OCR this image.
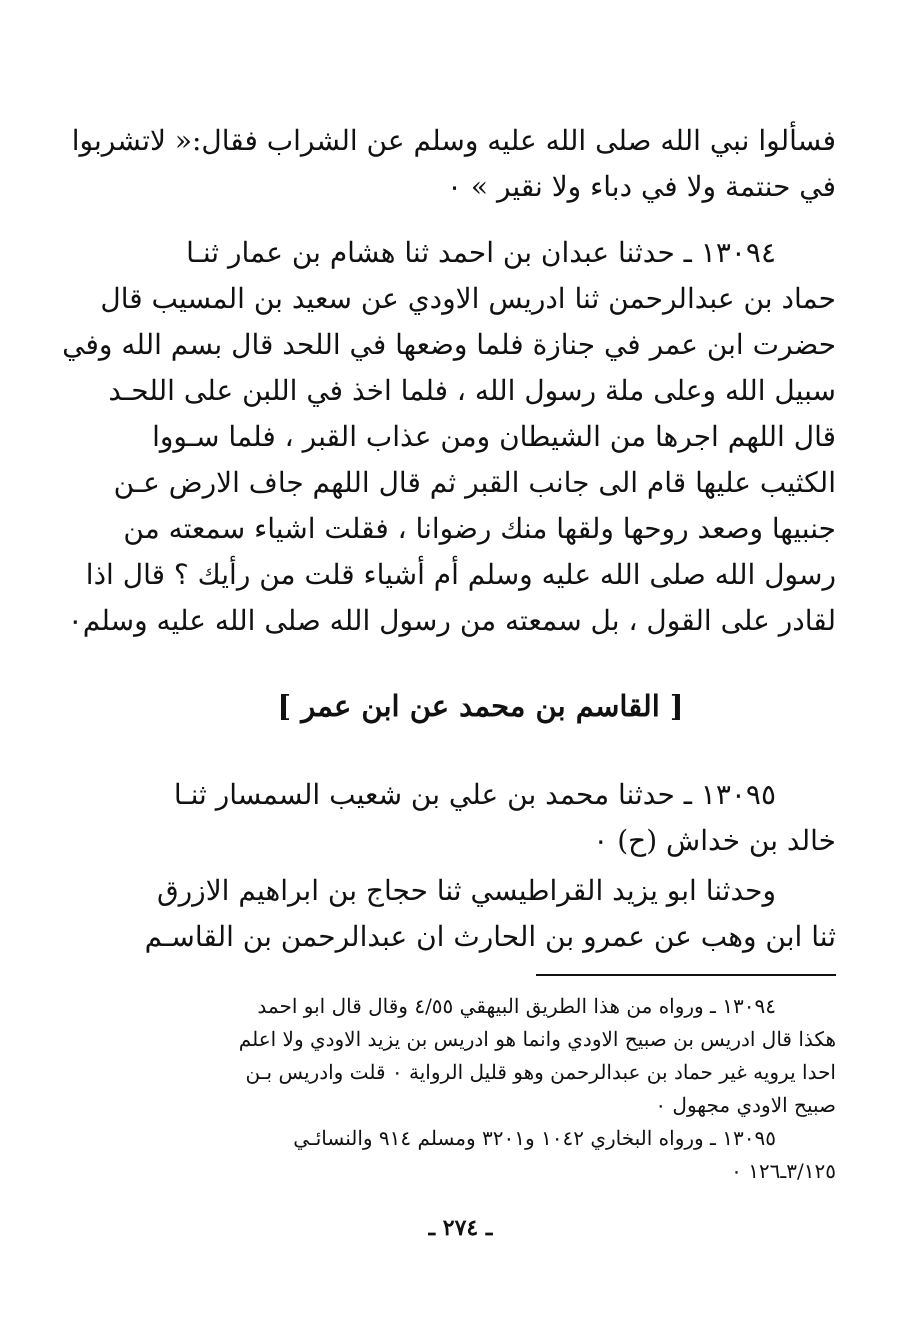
فسألوا نبي الله صلى الله عليه وسلم عن الشراب فقال:« لاتشربوا
في حنتمة ولا في دباء ولا نقير » ٠
١٣٠٩٤ ـ حدثنا عبدان بن احمد ثنا هشام بن عمار ثنـا
حماد بن عبدالرحمن ثنا ادريس الاودي عن سعيد بن المسيب قال
حضرت ابن عمر في جنازة فلما وضعها في اللحد قال بسم الله وفي
سبيل الله وعلى ملة رسول الله ، فلما اخذ في اللبن على اللحـد
قال اللهم اجرها من الشيطان ومن عذاب القبر ، فلما سـووا
الكثيب عليها قام الى جانب القبر ثم قال اللهم جاف الارض عـن
جنبيها وصعد روحها ولقها منك رضوانا ، فقلت اشياء سمعته من
رسول الله صلى الله عليه وسلم أم أشياء قلت من رأيك ؟ قال اذا
لقادر على القول ، بل سمعته من رسول الله صلى الله عليه وسلم٠
[ القاسم بن محمد عن ابن عمر ]
١٣٠٩٥ ـ حدثنا محمد بن علي بن شعيب السمسار ثنـا
خالد بن خداش (ح) ٠
وحدثنا ابو يزيد القراطيسي ثنا حجاج بن ابراهيم الازرق
ثنا ابن وهب عن عمرو بن الحارث ان عبدالرحمن بن القاسـم
١٣٠٩٤ ـ ورواه من هذا الطريق البيهقي ٤/٥٥ وقال قال ابو احمد
هكذا قال ادريس بن صبيح الاودي وانما هو ادريس بن يزيد الاودي ولا اعلم
احدا يرويه غير حماد بن عبدالرحمن وهو قليل الرواية ٠ قلت وادريس بـن
صبيح الاودي مجهول ٠
١٣٠٩٥ ـ ورواه البخاري ١٠٤٢ و٣٢٠١ ومسلم ٩١٤ والنسائـي
٣/١٢٥ـ١٢٦ ٠
ـ ٢٧٤ ـ
